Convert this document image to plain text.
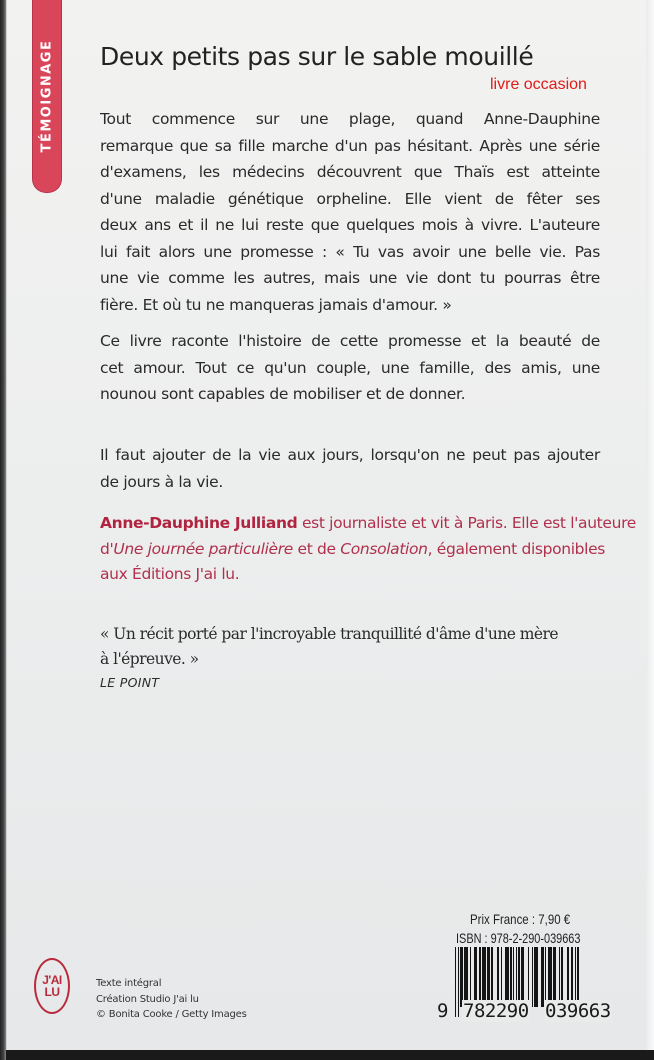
TÉMOIGNAGE Deux petits pas sur le sable mouillé
livre occasion
Tout commence sur une plage, quand Anne-Dauphine
remarque que sa fille marche d'un pas hésitant. Après une série
d'examens, les médecins découvrent que Thaïs est atteinte
d'une maladie génétique orpheline. Elle vient de fêter ses
deux ans et il ne lui reste que quelques mois à vivre. L'auteure
lui fait alors une promesse : « Tu vas avoir une belle vie. Pas
une vie comme les autres, mais une vie dont tu pourras être
fière. Et où tu ne manqueras jamais d'amour. »
Ce livre raconte l'histoire de cette promesse et la beauté de
cet amour. Tout ce qu'un couple, une famille, des amis, une
nounou sont capables de mobiliser et de donner.
Il faut ajouter de la vie aux jours, lorsqu'on ne peut pas ajouter
de jours à la vie.
Anne-Dauphine Julliand est journaliste et vit à Paris. Elle est l'auteure
d'Une journée particulière et de Consolation, également disponibles
aux Éditions J'ai lu.
« Un récit porté par l'incroyable tranquillité d'âme d'une mère
à l'épreuve. »
LE POINT
J'AI
LU
Texte intégral
Création Studio J'ai lu
© Bonita Cooke / Getty Images
Prix France : 7,90 €
ISBN : 978-2-290-039663
9 782290 039663
